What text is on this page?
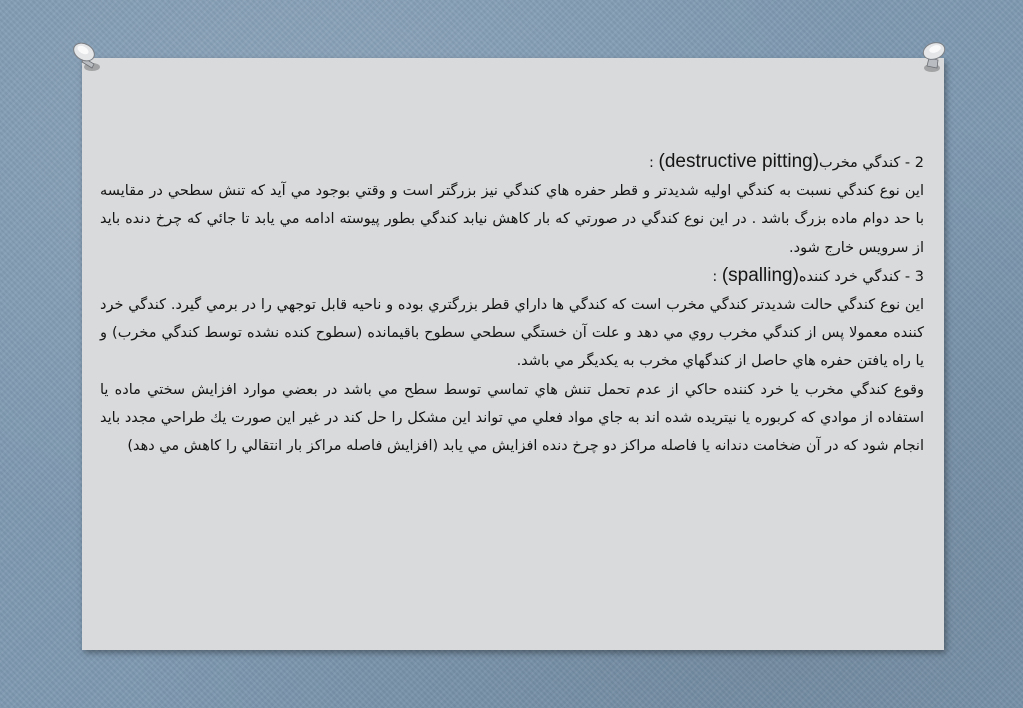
2 - کندگي مخرب(destructive pitting) :

اين نوع کندگي نسبت به کندگي اوليه شديدتر و قطر حفره هاي کندگي نيز بزرگتر است و وقتي بوجود مي آيد که تنش سطحي در مقايسه با حد دوام ماده بزرگ باشد . در اين نوع کندگي در صورتي که بار کاهش نيابد کندگي بطور پيوسته ادامه مي يابد تا جائي که چرخ دنده بايد از سرويس خارج شود.

3 - کندگي خرد کننده(spalling) :

اين نوع کندگي حالت شديدتر کندگي مخرب است که کندگي ها داراي قطر بزرگتري بوده و ناحيه قابل توجهي را در برمي گيرد. کندگي خرد کننده معمولا پس از کندگي مخرب روي مي دهد و علت آن خستگي سطحي سطوح باقيمانده (سطوح کنده نشده توسط کندگي مخرب) و يا راه يافتن حفره هاي حاصل از کندگهاي مخرب به يکديگر مي باشد.

وقوع کندگي مخرب يا خرد کننده حاکي از عدم تحمل تنش هاي تماسي توسط سطح مي باشد در بعضي موارد افزايش سختي ماده يا استفاده از موادي که کربوره يا نيتريده شده اند به جاي مواد فعلي مي تواند اين مشکل را حل کند در غير اين صورت يك طراحي مجدد بايد انجام شود که در آن ضخامت دندانه يا فاصله مراکز دو چرخ دنده افزايش مي يابد (افزايش فاصله مراکز بار انتقالي را کاهش مي دهد)
